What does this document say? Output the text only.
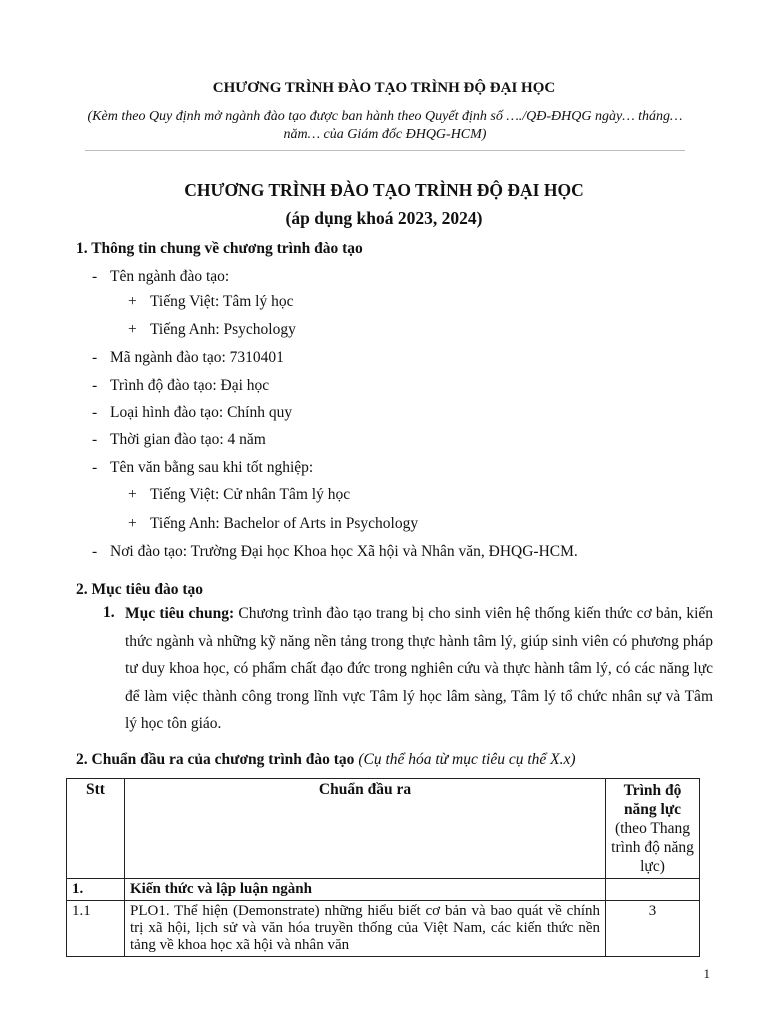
CHƯƠNG TRÌNH ĐÀO TẠO TRÌNH ĐỘ ĐẠI HỌC
(Kèm theo Quy định mở ngành đào tạo được ban hành theo Quyết định số …./QĐ-ĐHQG ngày… tháng…năm… của Giám đốc ĐHQG-HCM)
CHƯƠNG TRÌNH ĐÀO TẠO TRÌNH ĐỘ ĐẠI HỌC
(áp dụng khoá 2023, 2024)
1. Thông tin chung về chương trình đào tạo
- Tên ngành đào tạo:
+ Tiếng Việt: Tâm lý học
+ Tiếng Anh: Psychology
- Mã ngành đào tạo: 7310401
- Trình độ đào tạo: Đại học
- Loại hình đào tạo: Chính quy
- Thời gian đào tạo: 4 năm
- Tên văn bằng sau khi tốt nghiệp:
+ Tiếng Việt: Cử nhân Tâm lý học
+ Tiếng Anh: Bachelor of Arts in Psychology
- Nơi đào tạo: Trường Đại học Khoa học Xã hội và Nhân văn, ĐHQG-HCM.
2. Mục tiêu đào tạo
1. Mục tiêu chung: Chương trình đào tạo trang bị cho sinh viên hệ thống kiến thức cơ bản, kiến thức ngành và những kỹ năng nền tảng trong thực hành tâm lý, giúp sinh viên có phương pháp tư duy khoa học, có phẩm chất đạo đức trong nghiên cứu và thực hành tâm lý, có các năng lực để làm việc thành công trong lĩnh vực Tâm lý học lâm sàng, Tâm lý tổ chức nhân sự và Tâm lý học tôn giáo.
2. Chuẩn đầu ra của chương trình đào tạo (Cụ thể hóa từ mục tiêu cụ thể X.x)
Stt	Chuẩn đầu ra	Trình độ
năng lực
(theo Thang trình độ năng lực)

1.	Kiến thức và lập luận ngành	
1.1	PLO1. Thể hiện (Demonstrate) những hiểu biết cơ bản và bao quát về chính trị xã hội, lịch sử và văn hóa truyền thống của Việt Nam, các kiến thức nền tảng về khoa học xã hội và nhân văn	3
1
